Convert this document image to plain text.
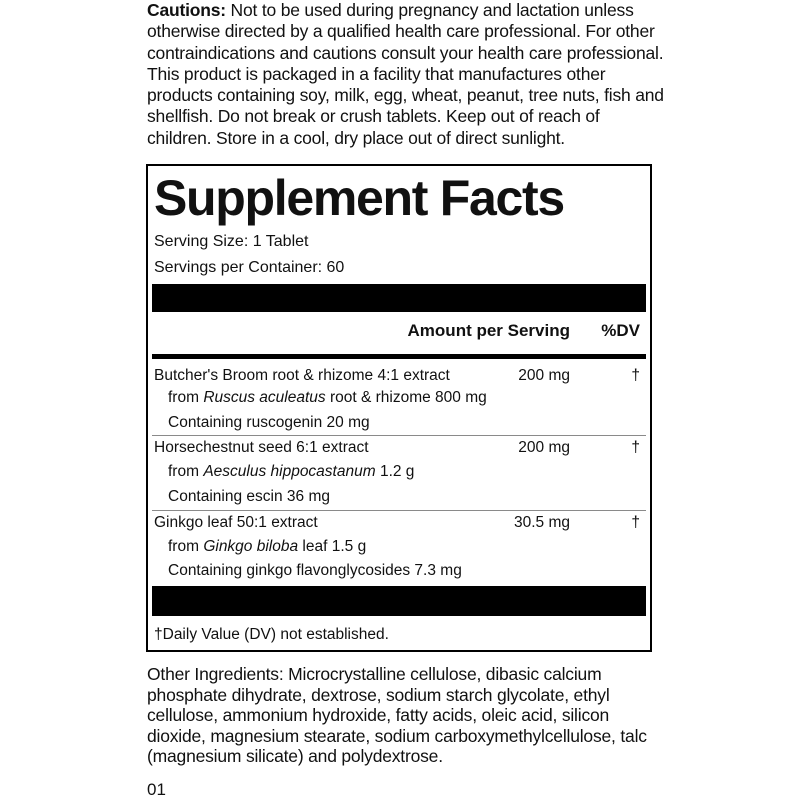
Cautions: Not to be used during pregnancy and lactation unless otherwise directed by a qualified health care professional. For other contraindications and cautions consult your health care professional. This product is packaged in a facility that manufactures other products containing soy, milk, egg, wheat, peanut, tree nuts, fish and shellfish. Do not break or crush tablets. Keep out of reach of children. Store in a cool, dry place out of direct sunlight.

Supplement Facts
Serving Size: 1 Tablet
Servings per Container: 60
Amount per Serving %DV
Butcher's Broom root & rhizome 4:1 extract	200 mg	†
from Ruscus aculeatus root & rhizome 800 mg
Containing ruscogenin 20 mg
Horsechestnut seed 6:1 extract	200 mg	†
from Aesculus hippocastanum 1.2 g
Containing escin 36 mg
Ginkgo leaf 50:1 extract	30.5 mg	†
from Ginkgo biloba leaf 1.5 g
Containing ginkgo flavonglycosides 7.3 mg
†Daily Value (DV) not established.

Other Ingredients: Microcrystalline cellulose, dibasic calcium phosphate dihydrate, dextrose, sodium starch glycolate, ethyl cellulose, ammonium hydroxide, fatty acids, oleic acid, silicon dioxide, magnesium stearate, sodium carboxymethylcellulose, talc (magnesium silicate) and polydextrose.

01
